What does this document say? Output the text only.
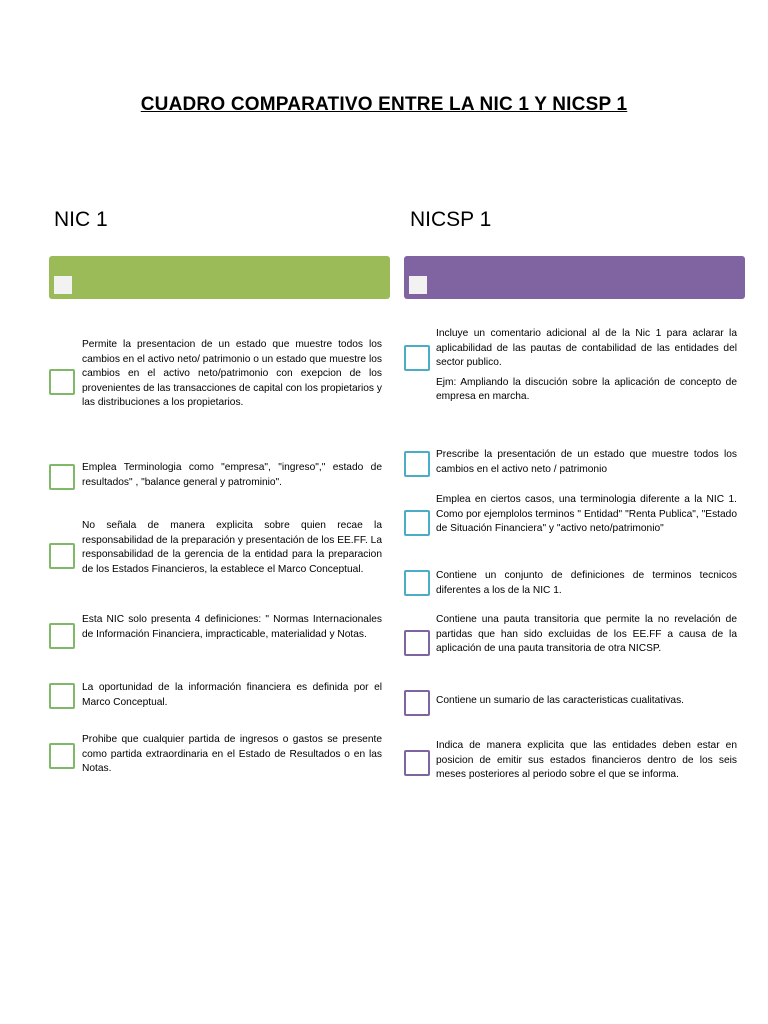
CUADRO COMPARATIVO ENTRE LA NIC 1 Y NICSP 1
NIC 1

Permite la presentacion de un estado que muestre todos los cambios en el activo neto/ patrimonio o un estado que muestre los cambios en el activo neto/patrimonio con exepcion de los provenientes de las transacciones de capital con los propietarios y las distribuciones a los propietarios.

Emplea Terminologia como "empresa", "ingreso"," estado de resultados" , "balance general y patrominio".

No señala de manera explicita sobre quien recae la responsabilidad de la preparación y presentación de los EE.FF. La responsabilidad de la gerencia de la entidad para la preparacion de los Estados Financieros, la establece el Marco Conceptual.

Esta NIC solo presenta 4 definiciones: " Normas Internacionales de Información Financiera, impracticable, materialidad y Notas.

La oportunidad de la información financiera es definida por el Marco Conceptual.

Prohibe que cualquier partida de ingresos o gastos se presente como partida extraordinaria en el Estado de Resultados o en las Notas.

NICSP 1

Incluye un comentario adicional al de la Nic 1 para aclarar la aplicabilidad de las pautas de contabilidad de las entidades del sector publico.

Ejm: Ampliando la discución sobre la aplicación de concepto de empresa en marcha.

Prescribe la presentación de un estado que muestre todos los cambios en el activo neto / patrimonio

Emplea en ciertos casos, una terminologia diferente a la NIC 1. Como por ejemplolos terminos " Entidad" "Renta Publica", "Estado de Situación Financiera" y "activo neto/patrimonio"

Contiene un conjunto de definiciones de terminos tecnicos diferentes a los de la NIC 1.

Contiene una pauta transitoria que permite la no revelación de partidas que han sido excluidas de los EE.FF a causa de la aplicación de una pauta transitoria de otra NICSP.

Contiene un sumario de las caracteristicas cualitativas.

Indica de manera explicita que las entidades deben estar en posicion de emitir sus estados financieros dentro de los seis meses posteriores al periodo sobre el que se informa.
